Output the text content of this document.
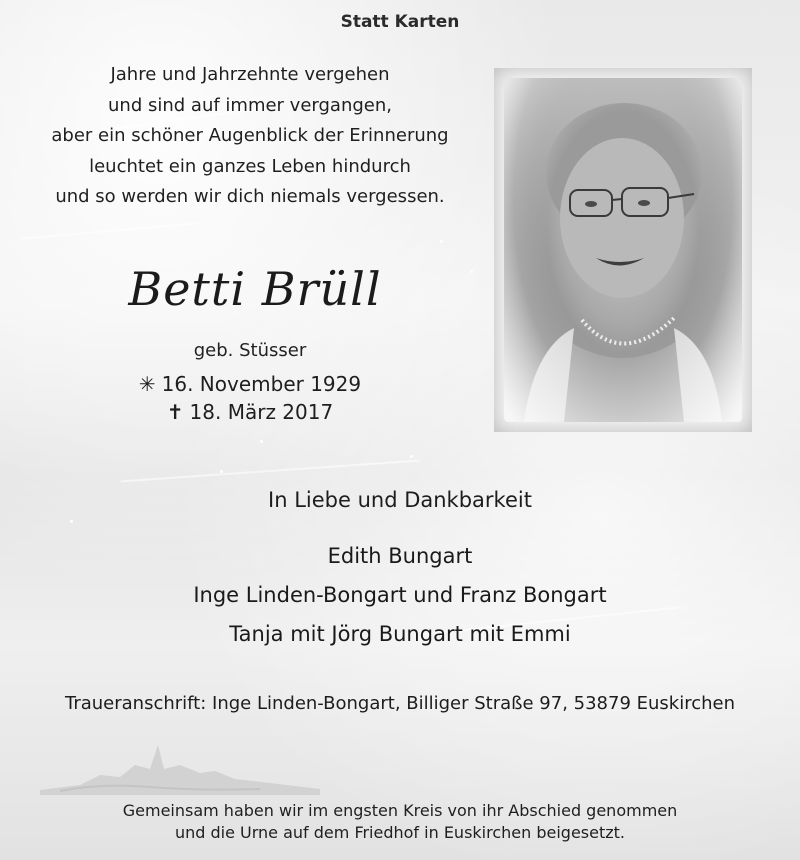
Statt Karten
Jahre und Jahrzehnte vergehen
und sind auf immer vergangen,
aber ein schöner Augenblick der Erinnerung
leuchtet ein ganzes Leben hindurch
und so werden wir dich niemals vergessen.
Betti Brüll
geb. Stüsser
✳ 16. November 1929
✝ 18. März 2017
In Liebe und Dankbarkeit
Edith Bungart
Inge Linden-Bongart und Franz Bongart
Tanja mit Jörg Bungart mit Emmi
Traueranschrift: Inge Linden-Bongart, Billiger Straße 97, 53879 Euskirchen
Gemeinsam haben wir im engsten Kreis von ihr Abschied genommen
und die Urne auf dem Friedhof in Euskirchen beigesetzt.
